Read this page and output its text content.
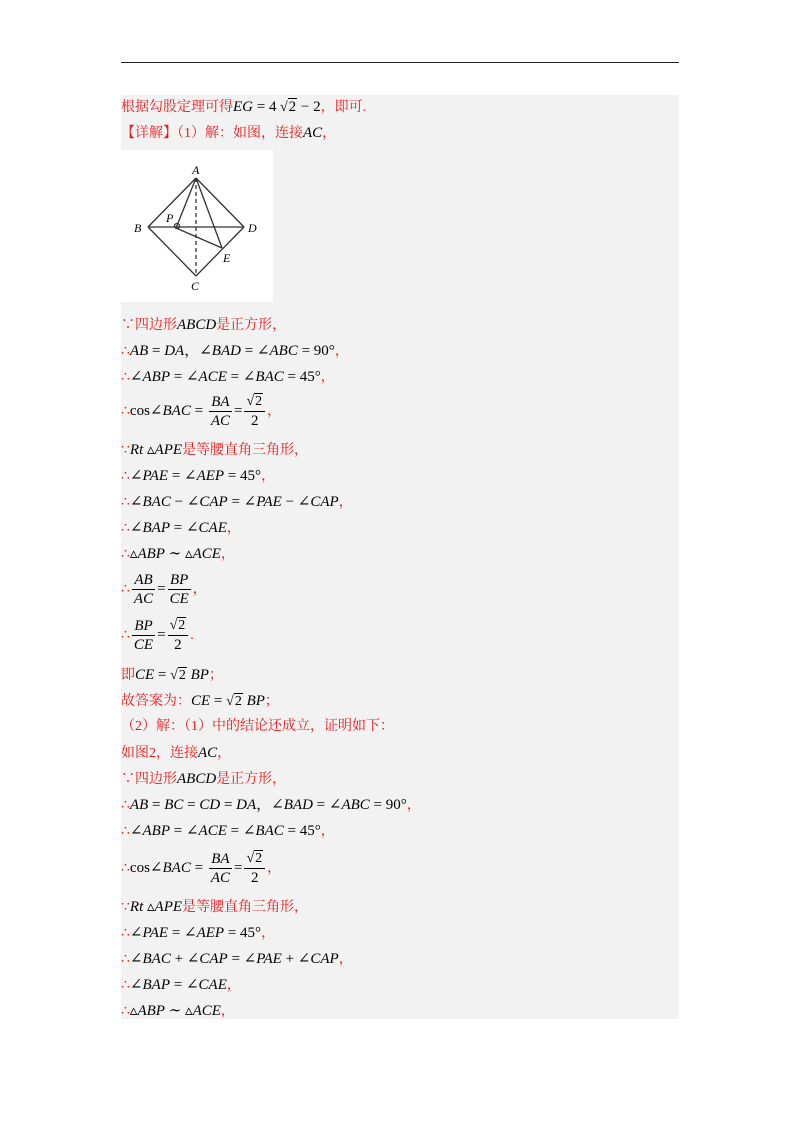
根据勾股定理可得EG = 4 √2 − 2，即可.
【详解】（1）解：如图，连接AC，
A
B	D
C
E
P
∵四边形ABCD是正方形，
∴AB = DA，∠BAD = ∠ABC = 90°，
∴∠ABP = ∠ACE = ∠BAC = 45°，
∴cos∠BAC = $\frac{BA}{AC} = \frac{√2}{2}$ ，
∵Rt ▵APE是等腰直角三角形，
∴∠PAE = ∠AEP = 45°，
∴∠BAC − ∠CAP = ∠PAE − ∠CAP，
∴∠BAP = ∠CAE，
∴▵ABP ∼ ▵ACE，
∴ $\frac{AB}{AC} = \frac{BP}{CE}$ ，
∴ $\frac{BP}{CE} = \frac{√2}{2}$ .
即CE = √2 BP；
故答案为：CE = √2 BP；
（2）解：（1）中的结论还成立，证明如下：
如图2，连接AC，
∵四边形ABCD是正方形，
∴AB = BC = CD = DA，∠BAD = ∠ABC = 90°，
∴∠ABP = ∠ACE = ∠BAC = 45°，
∴cos∠BAC = $\frac{BA}{AC} = \frac{√2}{2}$ ，
∵Rt ▵APE是等腰直角三角形，
∴∠PAE = ∠AEP = 45°，
∴∠BAC + ∠CAP = ∠PAE + ∠CAP，
∴∠BAP = ∠CAE，
∴▵ABP ∼ ▵ACE，
